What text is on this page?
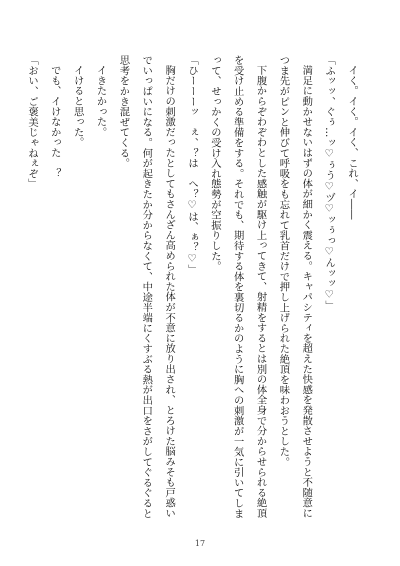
イく。イく。イく、これ、イ――

「ふッッ、ぐぅ…ッ♡ぅう♡ヅ♡ッぅっ♡んッッ♡」

満足に動かせないはずの体が細かく震える。キャパシティを超えた快感を発散させようと不随意に

つま先がピンと伸びて呼吸をも忘れて乳首だけで押し上げられた絶頂を味わおうとした。

下腹からぞわぞわとした感触が駆け上ってきて、射精をするとは別の体全身で分からせられる絶頂

を受け止める準備をする。それでも、期待する体を裏切るかのように胸への刺激が一気に引いてしま

って、せっかくの受け入れ態勢が空振りした。

「ひーーーッ　ぇ、？は　へ？♡は、ぁ？♡」

胸だけの刺激だったとしてもさんざん高められた体が不意に放り出され、とろけた脳みそも戸惑い

でいっぱいになる。何が起きたか分からなくて、中途半端にくすぶる熱が出口をさがしてぐるぐると

思考をかき混ぜてくる。

イきたかった。

イけると思った。

でも、イけなかった　？

「おい、ご褒美じゃねぇぞ」

17
